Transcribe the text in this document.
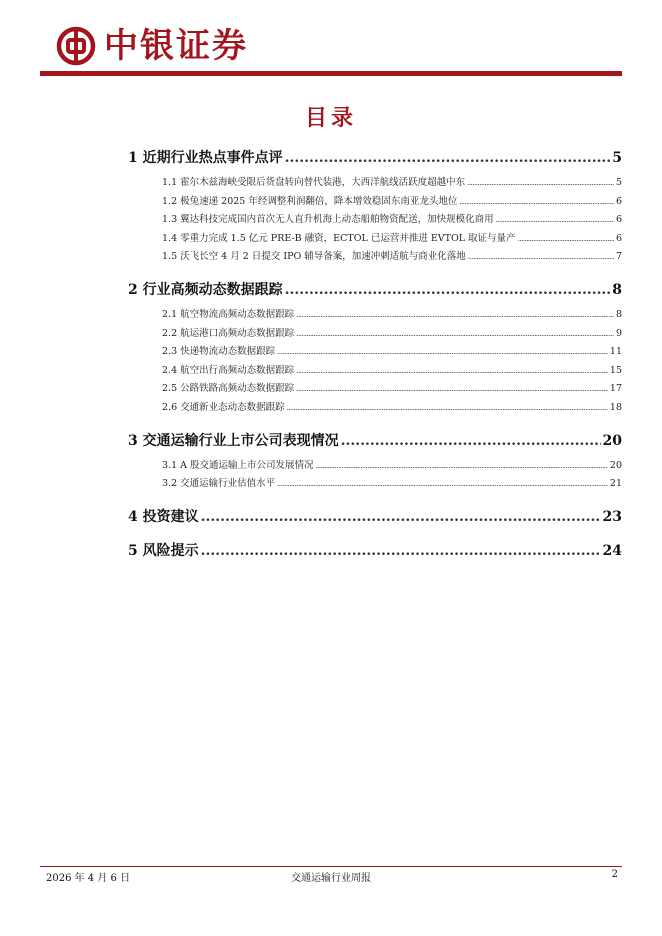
中银证券
目录
1 近期行业热点事件点评 .....	5
1.1 霍尔木兹海峡受限后货盘转向替代装港，大西洋航线活跃度超越中东 .....	5
1.2 极兔速递 2025 年经调整利润翻倍，降本增效稳固东南亚龙头地位 .....	6
1.3 翼达科技完成国内首次无人直升机海上动态船舶物资配送，加快规模化商用 .....	6
1.4 零重力完成 1.5 亿元 PRE-B 融资，ECTOL 已运营并推进 EVTOL 取证与量产 .....	6
1.5 沃飞长空 4 月 2 日提交 IPO 辅导备案，加速冲刺适航与商业化落地 .....	7
2 行业高频动态数据跟踪 .....	8
2.1 航空物流高频动态数据跟踪 .....	8
2.2 航运港口高频动态数据跟踪 .....	9
2.3 快递物流动态数据跟踪 .....	11
2.4 航空出行高频动态数据跟踪 .....	15
2.5 公路铁路高频动态数据跟踪 .....	17
2.6 交通新业态动态数据跟踪 .....	18
3 交通运输行业上市公司表现情况 .....	20
3.1 A 股交通运输上市公司发展情况 .....	20
3.2 交通运输行业估值水平 .....	21
4 投资建议 .....	23
5 风险提示 .....	24
2026 年 4 月 6 日	交通运输行业周报	2
